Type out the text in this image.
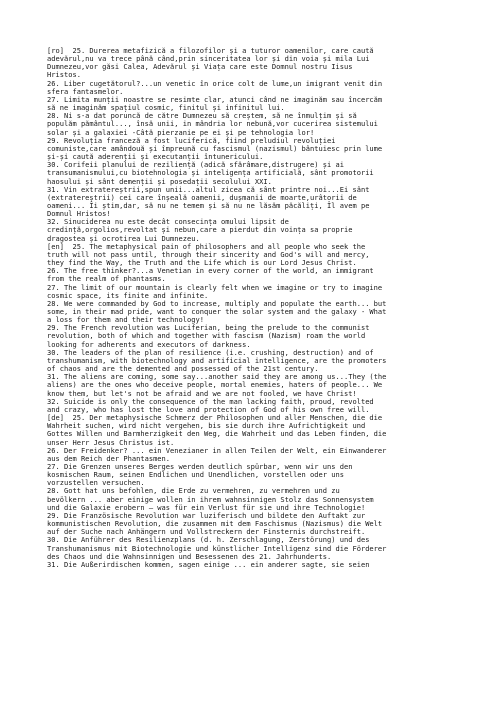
[ro]  25. Durerea metafizică a filozofilor și a tuturor oamenilor, care caută
adevărul,nu va trece până când,prin sinceritatea lor și din voia și mila Lui
Dumnezeu,vor găsi Calea, Adevărul și Viața care este Domnul nostru Iisus
Hristos.
26. Liber cugetătorul?...un venetic în orice colt de lume,un imigrant venit din
sfera fantasmelor.
27. Limita munții noastre se resimte clar, atunci când ne imaginăm sau încercăm
să ne imaginăm spațiul cosmic, finitul și infinitul lui.
28. Ni s-a dat poruncă de către Dumnezeu să creștem, să ne înmulțim și să
populăm pământul..., însă unii, in mândria lor nebună,vor cucerirea sistemului
solar și a galaxiei -Câtă pierzanie pe ei și pe tehnologia lor!
29. Revoluția franceză a fost luciferică, fiind preludiul revoluției
comuniste,care amândouă și împreună cu fascismul (nazismul) bântuiesc prin lume
și-și caută aderenții și executanții întunericului.
30. Corifeii planului de reziliență (adică sfărâmare,distrugere) și ai
transumanismului,cu biotehnologia și inteligența artificială, sânt promotorii
haosului și sânt demenții și posedații secolului XXI.
31. Vin extratereștrii,spun unii...altul zicea că sânt printre noi...Ei sânt
(extratereștrii) cei care înșeală oamenii, dușmanii de moarte,urâtorii de
oameni... Îi știm,dar, să nu ne temem și să nu ne lăsăm păcăliți, Îl avem pe
Domnul Hristos!
32. Sinuciderea nu este decât consecința omului lipsit de
credință,orgolios,revoltat și nebun,care a pierdut din voința sa proprie
dragostea și ocrotirea Lui Dumnezeu.
[en]  25. The metaphysical pain of philosophers and all people who seek the
truth will not pass until, through their sincerity and God's will and mercy,
they find the Way, the Truth and the Life which is our Lord Jesus Christ.
26. The free thinker?...a Venetian in every corner of the world, an immigrant
from the realm of phantasms.
27. The limit of our mountain is clearly felt when we imagine or try to imagine
cosmic space, its finite and infinite.
28. We were commanded by God to increase, multiply and populate the earth... but
some, in their mad pride, want to conquer the solar system and the galaxy - What
a loss for them and their technology!
29. The French revolution was Luciferian, being the prelude to the communist
revolution, both of which and together with fascism (Nazism) roam the world
looking for adherents and executors of darkness.
30. The leaders of the plan of resilience (i.e. crushing, destruction) and of
transhumanism, with biotechnology and artificial intelligence, are the promoters
of chaos and are the demented and possessed of the 21st century.
31. The aliens are coming, some say...another said they are among us...They (the
aliens) are the ones who deceive people, mortal enemies, haters of people... We
know them, but let's not be afraid and we are not fooled, we have Christ!
32. Suicide is only the consequence of the man lacking faith, proud, revolted
and crazy, who has lost the love and protection of God of his own free will.
[de]  25. Der metaphysische Schmerz der Philosophen und aller Menschen, die die
Wahrheit suchen, wird nicht vergehen, bis sie durch ihre Aufrichtigkeit und
Gottes Willen und Barmherzigkeit den Weg, die Wahrheit und das Leben finden, die
unser Herr Jesus Christus ist.
26. Der Freidenker? ... ein Venezianer in allen Teilen der Welt, ein Einwanderer
aus dem Reich der Phantasmen.
27. Die Grenzen unseres Berges werden deutlich spürbar, wenn wir uns den
kosmischen Raum, seinen Endlichen und Unendlichen, vorstellen oder uns
vorzustellen versuchen.
28. Gott hat uns befohlen, die Erde zu vermehren, zu vermehren und zu
bevölkern ... aber einige wollen in ihrem wahnsinnigen Stolz das Sonnensystem
und die Galaxie erobern – was für ein Verlust für sie und ihre Technologie!
29. Die Französische Revolution war luziferisch und bildete den Auftakt zur
kommunistischen Revolution, die zusammen mit dem Faschismus (Nazismus) die Welt
auf der Suche nach Anhängern und Vollstreckern der Finsternis durchstreift.
30. Die Anführer des Resilienzplans (d. h. Zerschlagung, Zerstörung) und des
Transhumanismus mit Biotechnologie und künstlicher Intelligenz sind die Förderer
des Chaos und die Wahnsinnigen und Besessenen des 21. Jahrhunderts.
31. Die Außerirdischen kommen, sagen einige ... ein anderer sagte, sie seien
